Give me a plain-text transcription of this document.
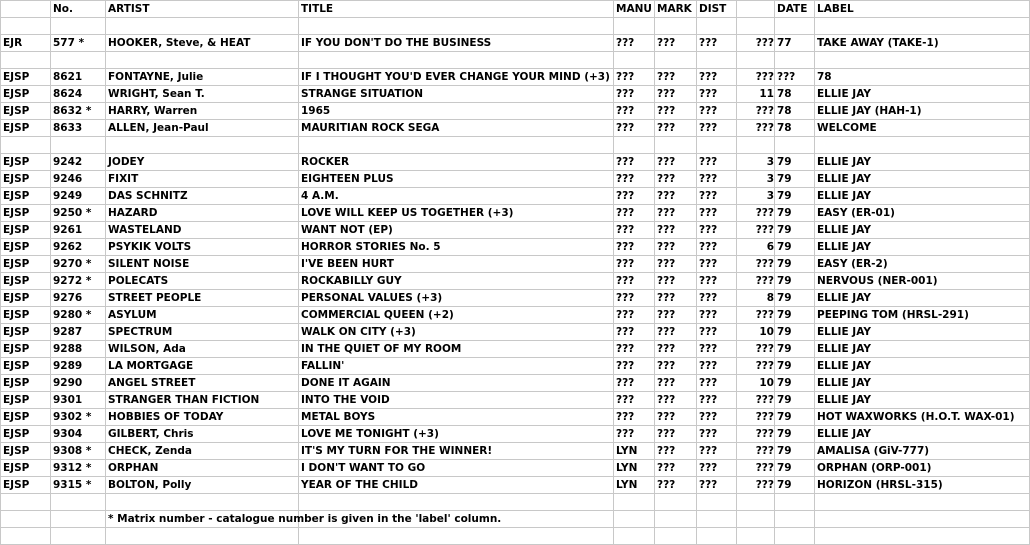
	No.	ARTIST	TITLE	MANU	MARK	DIST		DATE	LABEL

EJR	577 *	HOOKER, Steve, & HEAT	IF YOU DON'T DO THE BUSINESS	???	???	???	???	77	TAKE AWAY (TAKE-1)

EJSP	8621	FONTAYNE, Julie	IF I THOUGHT YOU'D EVER CHANGE YOUR MIND (+3)	???	???	???	???	???	78
EJSP	8624	WRIGHT, Sean T.	STRANGE SITUATION	???	???	???	11	78	ELLIE JAY
EJSP	8632 *	HARRY, Warren	1965	???	???	???	???	78	ELLIE JAY (HAH-1)
EJSP	8633	ALLEN, Jean-Paul	MAURITIAN ROCK SEGA	???	???	???	???	78	WELCOME

EJSP	9242	JODEY	ROCKER	???	???	???	3	79	ELLIE JAY
EJSP	9246	FIXIT	EIGHTEEN PLUS	???	???	???	3	79	ELLIE JAY
EJSP	9249	DAS SCHNITZ	4 A.M.	???	???	???	3	79	ELLIE JAY
EJSP	9250 *	HAZARD	LOVE WILL KEEP US TOGETHER (+3)	???	???	???	???	79	EASY (ER-01)
EJSP	9261	WASTELAND	WANT NOT (EP)	???	???	???	???	79	ELLIE JAY
EJSP	9262	PSYKIK VOLTS	HORROR STORIES No. 5	???	???	???	6	79	ELLIE JAY
EJSP	9270 *	SILENT NOISE	I'VE BEEN HURT	???	???	???	???	79	EASY (ER-2)
EJSP	9272 *	POLECATS	ROCKABILLY GUY	???	???	???	???	79	NERVOUS (NER-001)
EJSP	9276	STREET PEOPLE	PERSONAL VALUES (+3)	???	???	???	8	79	ELLIE JAY
EJSP	9280 *	ASYLUM	COMMERCIAL QUEEN (+2)	???	???	???	???	79	PEEPING TOM (HRSL-291)
EJSP	9287	SPECTRUM	WALK ON CITY (+3)	???	???	???	10	79	ELLIE JAY
EJSP	9288	WILSON, Ada	IN THE QUIET OF MY ROOM	???	???	???	???	79	ELLIE JAY
EJSP	9289	LA MORTGAGE	FALLIN'	???	???	???	???	79	ELLIE JAY
EJSP	9290	ANGEL STREET	DONE IT AGAIN	???	???	???	10	79	ELLIE JAY
EJSP	9301	STRANGER THAN FICTION	INTO THE VOID	???	???	???	???	79	ELLIE JAY
EJSP	9302 *	HOBBIES OF TODAY	METAL BOYS	???	???	???	???	79	HOT WAXWORKS (H.O.T. WAX-01)
EJSP	9304	GILBERT, Chris	LOVE ME TONIGHT (+3)	???	???	???	???	79	ELLIE JAY
EJSP	9308 *	CHECK, Zenda	IT'S MY TURN FOR THE WINNER!	LYN	???	???	???	79	AMALISA (GiV-777)
EJSP	9312 *	ORPHAN	I DON'T WANT TO GO	LYN	???	???	???	79	ORPHAN (ORP-001)
EJSP	9315 *	BOLTON, Polly	YEAR OF THE CHILD	LYN	???	???	???	79	HORIZON (HRSL-315)

		* Matrix number - catalogue number is given in the 'label' column.							
